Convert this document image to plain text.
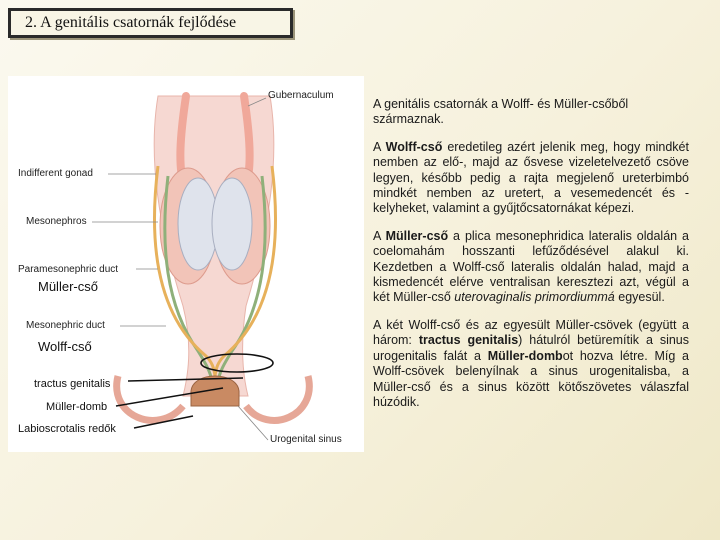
2. A genitális csatornák fejlődése
Gubernaculum
Indifferent gonad
Mesonephros
Paramesonephric duct
Müller-cső
Mesonephric duct
Wolff-cső
tractus genitalis
Müller-domb
Labioscrotalis redők
Urogenital sinus

A genitális csatornák a Wolff- és Müller-csőből származnak.

A Wolff-cső eredetileg azért jelenik meg, hogy mindkét nemben az elő-, majd az ősvese vizeletelvezető csöve legyen, később pedig a rajta megjelenő ureterbimbó mindkét nemben az uretert, a vesemedencét és -kelyheket, valamint a gyűjtőcsatornákat képezi.

A Müller-cső a plica mesonephridica lateralis oldalán a coelomahám hosszanti lefűződésével alakul ki. Kezdetben a Wolff-cső lateralis oldalán halad, majd a kismedencét elérve ventralisan keresztezi azt, végül a két Müller-cső uterovaginalis primordiummá egyesül.

A két Wolff-cső és az egyesült Müller-csövek (együtt a három: tractus genitalis) hátulról betüremítik a sinus urogenitalis falát a Müller-dombot hozva létre. Míg a Wolff-csövek belenyílnak a sinus urogenitalisba, a Müller-cső és a sinus között kötőszövetes válaszfal húzódik.
